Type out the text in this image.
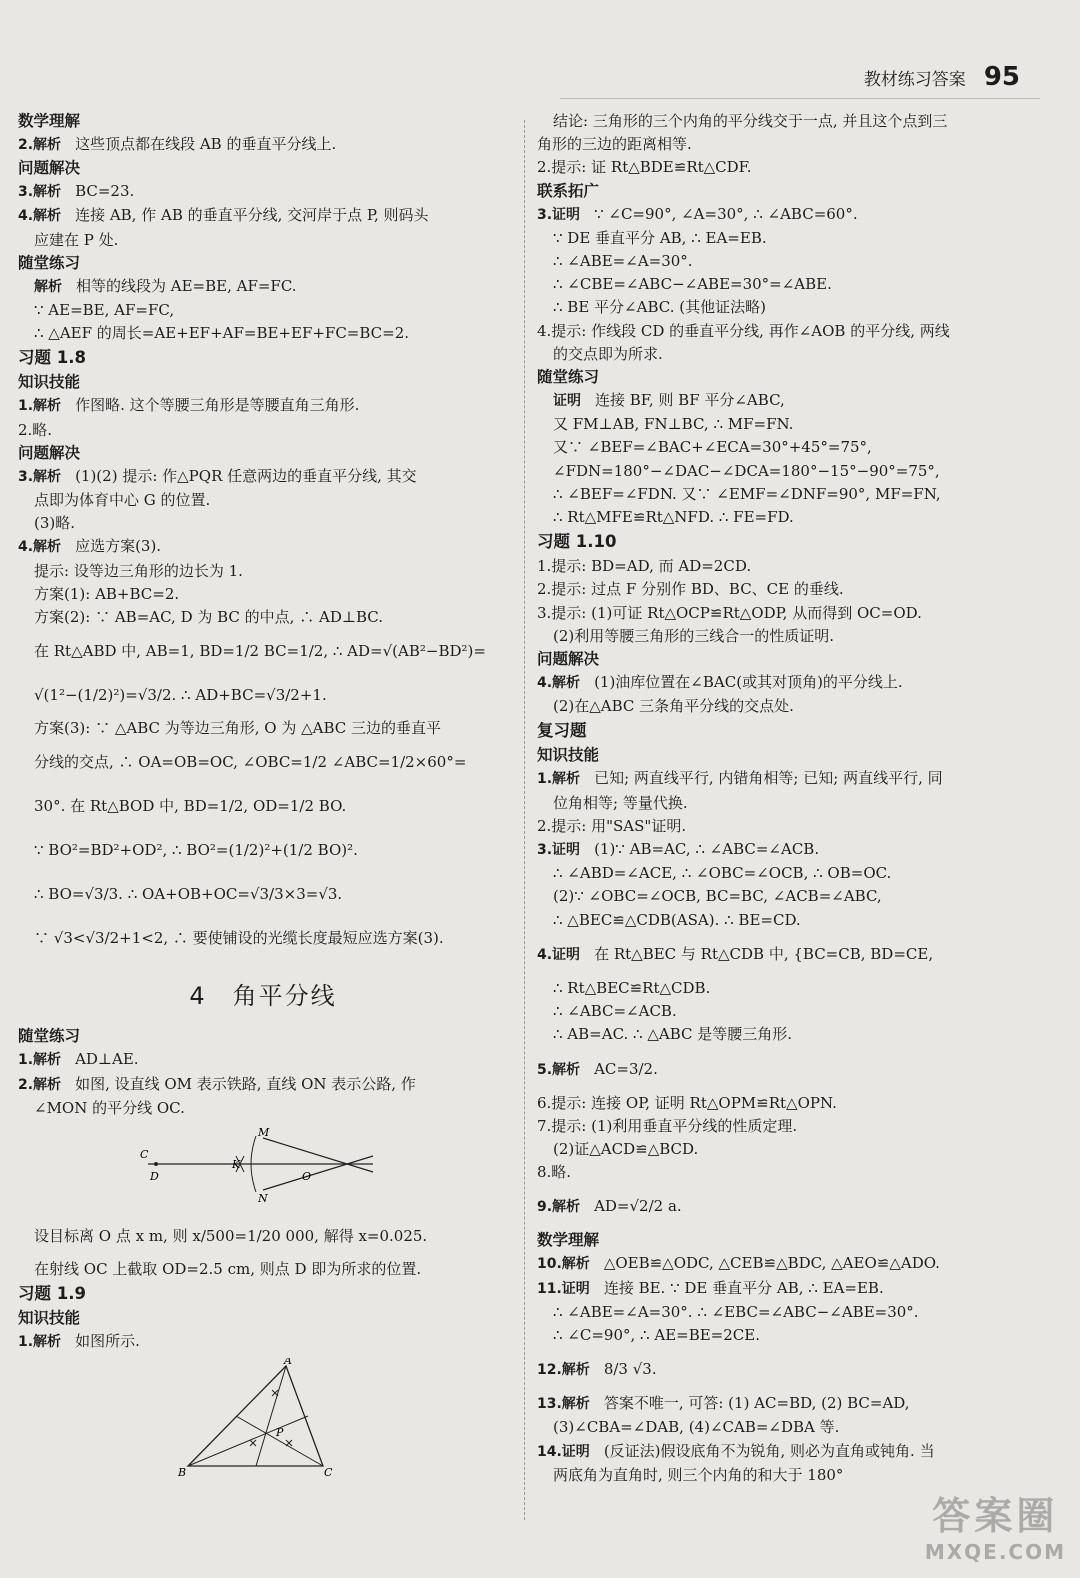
教材练习答案 95
数学理解
2.解析 这些顶点都在线段 AB 的垂直平分线上.
问题解决
3.解析 BC=23.
4.解析 连接 AB, 作 AB 的垂直平分线, 交河岸于点 P, 则码头
应建在 P 处.
随堂练习
解析 相等的线段为 AE=BE, AF=FC.
∵ AE=BE, AF=FC,
∴ △AEF 的周长=AE+EF+AF=BE+EF+FC=BC=2.
习题 1.8
知识技能
1.解析 作图略. 这个等腰三角形是等腰直角三角形.
2.略.
问题解决
3.解析 (1)(2) 提示: 作△PQR 任意两边的垂直平分线, 其交
点即为体育中心 G 的位置.
(3)略.
4.解析 应选方案(3).
提示: 设等边三角形的边长为 1.
方案(1): AB+BC=2.
方案(2): ∵ AB=AC, D 为 BC 的中点, ∴ AD⊥BC.
在 Rt△ABD 中, AB=1, BD=1/2 BC=1/2, ∴ AD=√(AB²−BD²)=
√(1²−(1/2)²)=√3/2. ∴ AD+BC=√3/2+1.
方案(3): ∵ △ABC 为等边三角形, O 为 △ABC 三边的垂直平
分线的交点, ∴ OA=OB=OC, ∠OBC=1/2 ∠ABC=1/2×60°=
30°. 在 Rt△BOD 中, BD=1/2, OD=1/2 BO.
∵ BO²=BD²+OD², ∴ BO²=(1/2)²+(1/2 BO)².
∴ BO=√3/3. ∴ OA+OB+OC=√3/3×3=√3.
∵ √3<√3/2+1<2, ∴ 要使铺设的光缆长度最短应选方案(3).
4　角平分线
随堂练习
1.解析 AD⊥AE.
2.解析 如图, 设直线 OM 表示铁路, 直线 ON 表示公路, 作
∠MON 的平分线 OC.
C
D
K
M
N
O
设目标离 O 点 x m, 则 x/500=1/20 000, 解得 x=0.025.
在射线 OC 上截取 OD=2.5 cm, 则点 D 即为所求的位置.
习题 1.9
知识技能
1.解析 如图所示.
A
B	C
P
结论: 三角形的三个内角的平分线交于一点, 并且这个点到三
角形的三边的距离相等.
2.提示: 证 Rt△BDE≌Rt△CDF.
联系拓广
3.证明 ∵ ∠C=90°, ∠A=30°, ∴ ∠ABC=60°.
∵ DE 垂直平分 AB, ∴ EA=EB.
∴ ∠ABE=∠A=30°.
∴ ∠CBE=∠ABC−∠ABE=30°=∠ABE.
∴ BE 平分∠ABC. (其他证法略)
4.提示: 作线段 CD 的垂直平分线, 再作∠AOB 的平分线, 两线
的交点即为所求.
随堂练习
证明 连接 BF, 则 BF 平分∠ABC,
又 FM⊥AB, FN⊥BC, ∴ MF=FN.
又∵ ∠BEF=∠BAC+∠ECA=30°+45°=75°,
∠FDN=180°−∠DAC−∠DCA=180°−15°−90°=75°,
∴ ∠BEF=∠FDN. 又∵ ∠EMF=∠DNF=90°, MF=FN,
∴ Rt△MFE≌Rt△NFD. ∴ FE=FD.
习题 1.10
1.提示: BD=AD, 而 AD=2CD.
2.提示: 过点 F 分别作 BD、BC、CE 的垂线.
3.提示: (1)可证 Rt△OCP≌Rt△ODP, 从而得到 OC=OD.
(2)利用等腰三角形的三线合一的性质证明.
问题解决
4.解析 (1)油库位置在∠BAC(或其对顶角)的平分线上.
(2)在△ABC 三条角平分线的交点处.
复习题
知识技能
1.解析 已知; 两直线平行, 内错角相等; 已知; 两直线平行, 同
位角相等; 等量代换.
2.提示: 用"SAS"证明.
3.证明 (1)∵ AB=AC, ∴ ∠ABC=∠ACB.
∴ ∠ABD=∠ACE, ∴ ∠OBC=∠OCB, ∴ OB=OC.
(2)∵ ∠OBC=∠OCB, BC=BC, ∠ACB=∠ABC,
∴ △BEC≌△CDB(ASA). ∴ BE=CD.
4.证明 在 Rt△BEC 与 Rt△CDB 中, {BC=CB, BD=CE,
∴ Rt△BEC≌Rt△CDB.
∴ ∠ABC=∠ACB.
∴ AB=AC. ∴ △ABC 是等腰三角形.
5.解析 AC=3/2.
6.提示: 连接 OP, 证明 Rt△OPM≌Rt△OPN.
7.提示: (1)利用垂直平分线的性质定理.
(2)证△ACD≌△BCD.
8.略.
9.解析 AD=√2/2 a.
数学理解
10.解析 △OEB≌△ODC, △CEB≌△BDC, △AEO≌△ADO.
11.证明 连接 BE. ∵ DE 垂直平分 AB, ∴ EA=EB.
∴ ∠ABE=∠A=30°. ∴ ∠EBC=∠ABC−∠ABE=30°.
∴ ∠C=90°, ∴ AE=BE=2CE.
12.解析 8/3 √3.
13.解析 答案不唯一, 可答: (1) AC=BD, (2) BC=AD,
(3)∠CBA=∠DAB, (4)∠CAB=∠DBA 等.
14.证明 (反证法)假设底角不为锐角, 则必为直角或钝角. 当
两底角为直角时, 则三个内角的和大于 180°
答案圈
MXQE.COM
